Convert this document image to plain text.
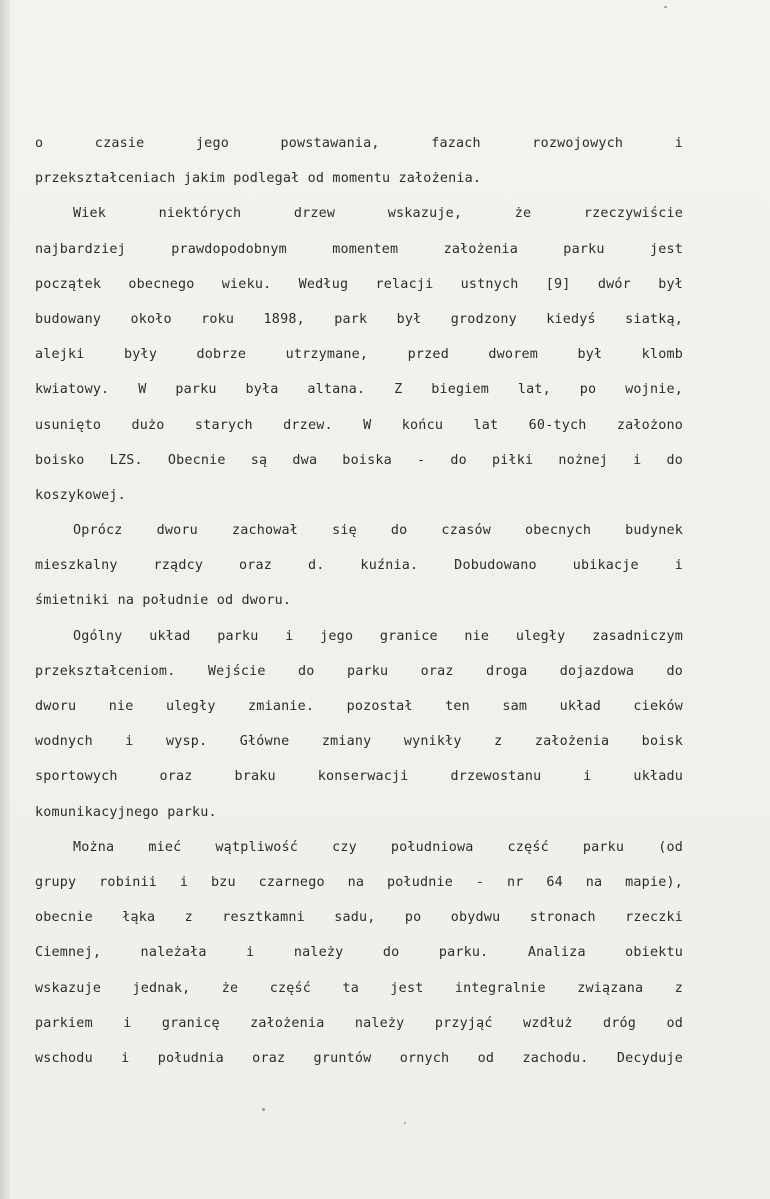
o czasie jego powstawania, fazach rozwojowych i
przekształceniach jakim podlegał od momentu założenia.
Wiek niektórych drzew wskazuje, że rzeczywiście
najbardziej prawdopodobnym momentem założenia parku jest
początek obecnego wieku. Według relacji ustnych [9] dwór był
budowany około roku 1898, park był grodzony kiedyś siatką,
alejki były dobrze utrzymane, przed dworem był klomb
kwiatowy. W parku była altana. Z biegiem lat, po wojnie,
usunięto dużo starych drzew. W końcu lat 60-tych założono
boisko LZS. Obecnie są dwa boiska - do piłki nożnej i do
koszykowej.
Oprócz dworu zachował się do czasów obecnych budynek
mieszkalny rządcy oraz d. kuźnia. Dobudowano ubikacje i
śmietniki na południe od dworu.
Ogólny układ parku i jego granice nie uległy zasadniczym
przekształceniom. Wejście do parku oraz droga dojazdowa do
dworu nie uległy zmianie. pozostał ten sam układ cieków
wodnych i wysp. Główne zmiany wynikły z założenia boisk
sportowych oraz braku konserwacji drzewostanu i układu
komunikacyjnego parku.
Można mieć wątpliwość czy południowa część parku (od
grupy robinii i bzu czarnego na południe - nr 64 na mapie),
obecnie łąka z resztkamni sadu, po obydwu stronach rzeczki
Ciemnej, należała i należy do parku. Analiza obiektu
wskazuje jednak, że część ta jest integralnie związana z
parkiem i granicę założenia należy przyjąć wzdłuż dróg od
wschodu i południa oraz gruntów ornych od zachodu. Decyduje
